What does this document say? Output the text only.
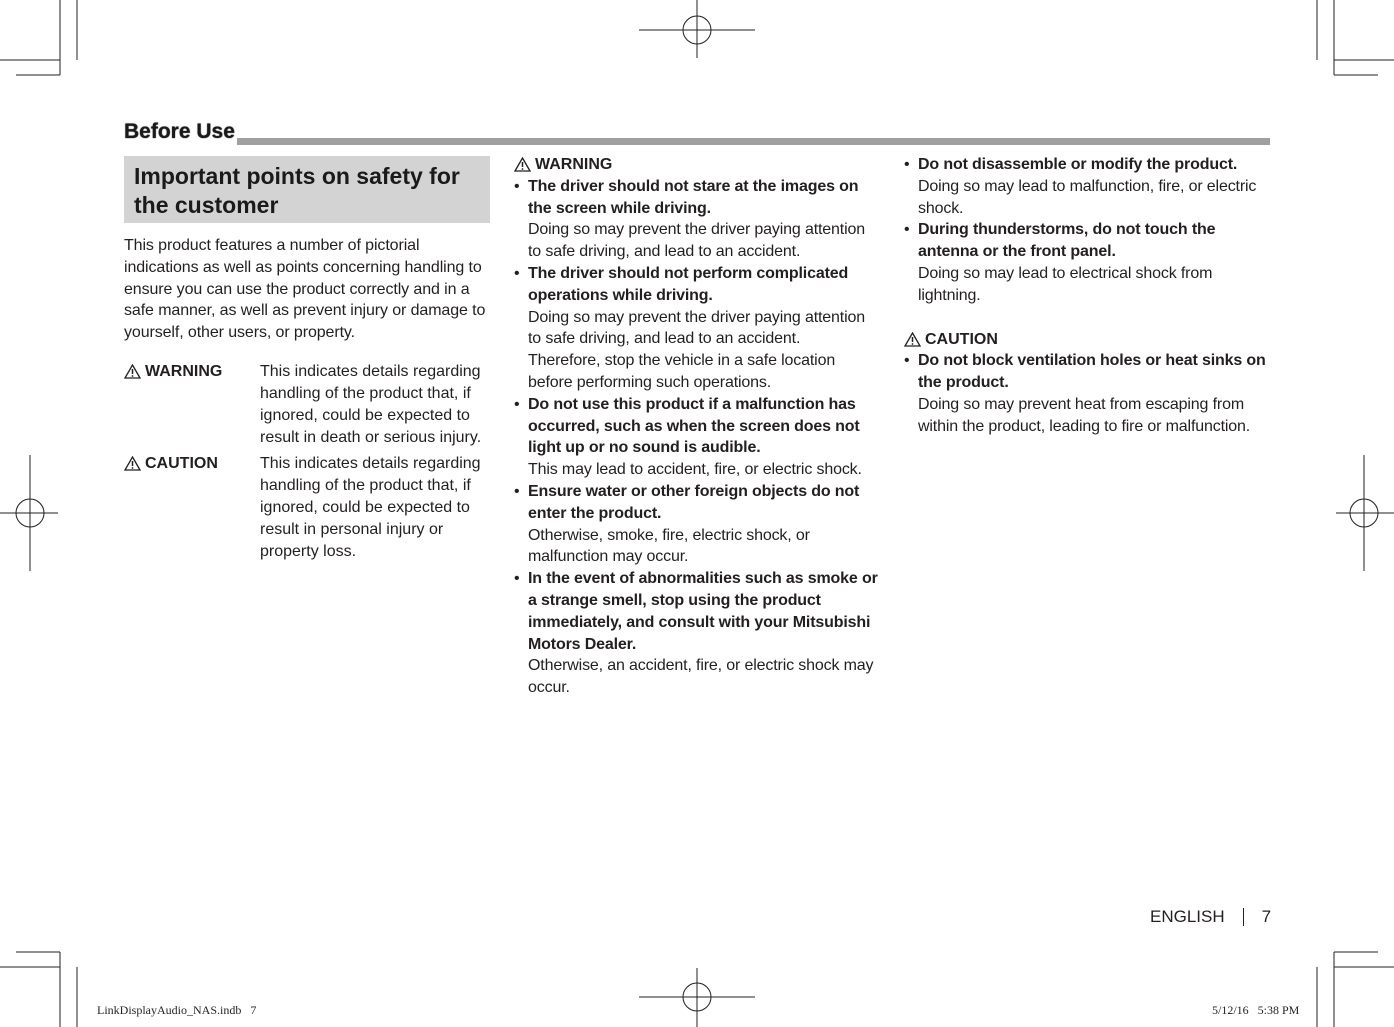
Before Use
Important points on safety for the customer
This product features a number of pictorial indications as well as points concerning handling to ensure you can use the product correctly and in a safe manner, as well as prevent injury or damage to yourself, other users, or property.
WARNING This indicates details regarding handling of the product that, if ignored, could be expected to result in death or serious injury.
CAUTION	This indicates details regarding handling of the product that, if ignored, could be expected to result in personal injury or property loss.
WARNING
• The driver should not stare at the images on the screen while driving.
Doing so may prevent the driver paying attention to safe driving, and lead to an accident.
• The driver should not perform complicated operations while driving.
Doing so may prevent the driver paying attention to safe driving, and lead to an accident.
Therefore, stop the vehicle in a safe location before performing such operations.
• Do not use this product if a malfunction has occurred, such as when the screen does not light up or no sound is audible.
This may lead to accident, fire, or electric shock.
• Ensure water or other foreign objects do not enter the product.
Otherwise, smoke, fire, electric shock, or malfunction may occur.
• In the event of abnormalities such as smoke or a strange smell, stop using the product immediately, and consult with your Mitsubishi Motors Dealer.
Otherwise, an accident, fire, or electric shock may occur.
• Do not disassemble or modify the product.
Doing so may lead to malfunction, fire, or electric shock.
• During thunderstorms, do not touch the antenna or the front panel.
Doing so may lead to electrical shock from lightning.
CAUTION
• Do not block ventilation holes or heat sinks on the product.
Doing so may prevent heat from escaping from within the product, leading to fire or malfunction.
ENGLISH 7
LinkDisplayAudio_NAS.indb   7	5/12/16   5:38 PM
